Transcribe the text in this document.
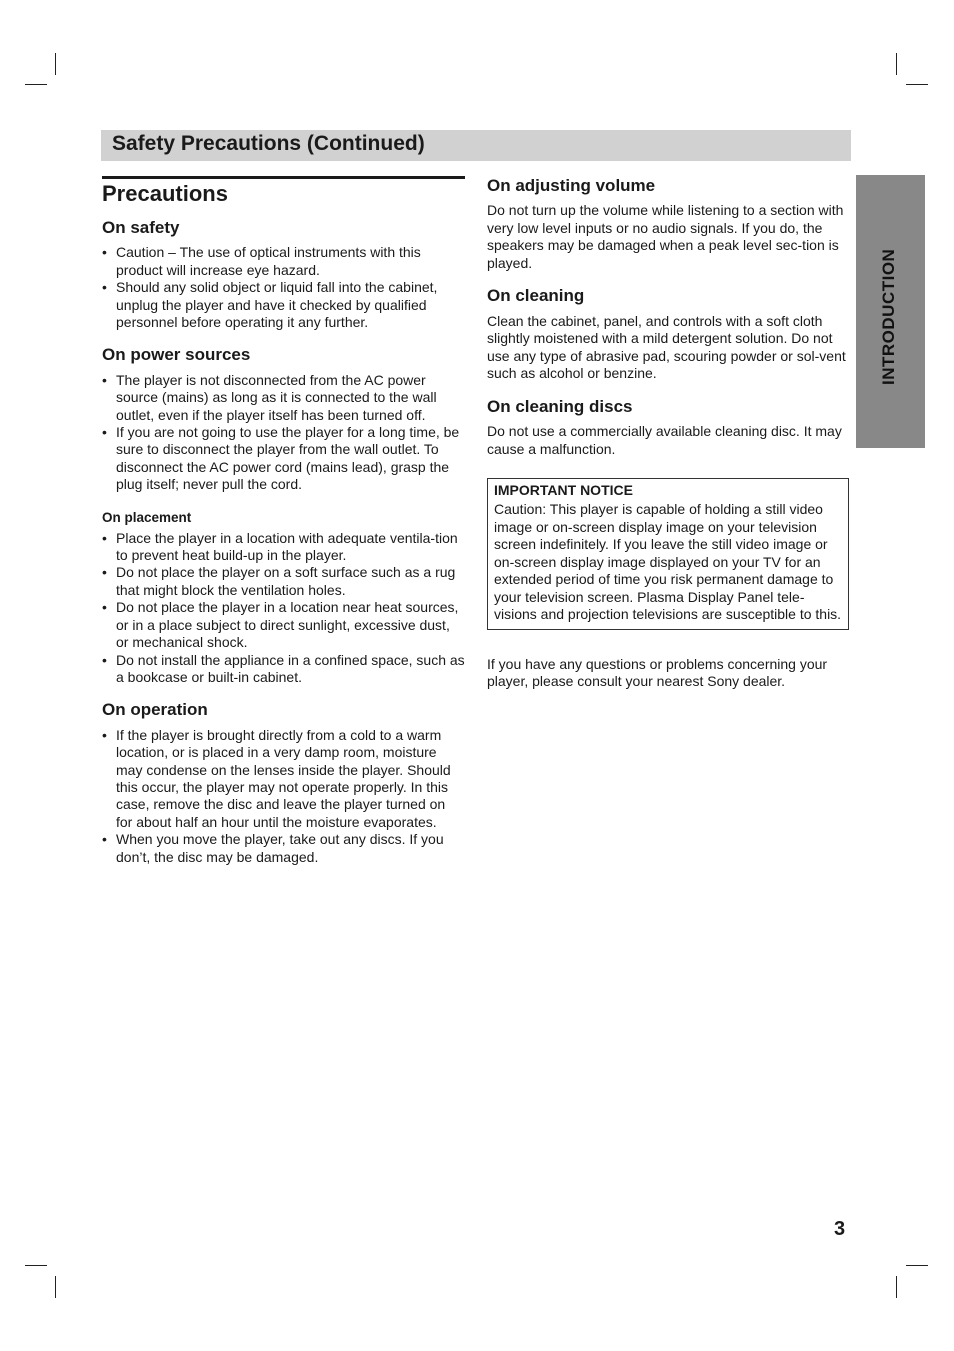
Safety Precautions (Continued)
INTRODUCTION
Precautions
On safety
• Caution – The use of optical instruments with this product will increase eye hazard.
• Should any solid object or liquid fall into the cabinet, unplug the player and have it checked by qualified personnel before operating it any further.
On power sources
• The player is not disconnected from the AC power source (mains) as long as it is connected to the wall outlet, even if the player itself has been turned off.
• If you are not going to use the player for a long time, be sure to disconnect the player from the wall outlet. To disconnect the AC power cord (mains lead), grasp the plug itself; never pull the cord.
On placement
• Place the player in a location with adequate ventila-tion to prevent heat build-up in the player.
• Do not place the player on a soft surface such as a rug that might block the ventilation holes.
• Do not place the player in a location near heat sources, or in a place subject to direct sunlight, excessive dust, or mechanical shock.
• Do not install the appliance in a confined space, such as a bookcase or built-in cabinet.
On operation
• If the player is brought directly from a cold to a warm location, or is placed in a very damp room, moisture may condense on the lenses inside the player. Should this occur, the player may not operate properly. In this case, remove the disc and leave the player turned on for about half an hour until the moisture evaporates.
• When you move the player, take out any discs. If you don’t, the disc may be damaged.
On adjusting volume

Do not turn up the volume while listening to a section with very low level inputs or no audio signals. If you do, the speakers may be damaged when a peak level sec-tion is played.

On cleaning

Clean the cabinet, panel, and controls with a soft cloth slightly moistened with a mild detergent solution. Do not use any type of abrasive pad, scouring powder or sol-vent such as alcohol or benzine.

On cleaning discs

Do not use a commercially available cleaning disc. It may cause a malfunction.

IMPORTANT NOTICE

Caution: This player is capable of holding a still video image or on-screen display image on your television screen indefinitely. If you leave the still video image or on-screen display image displayed on your TV for an extended period of time you risk permanent damage to your television screen. Plasma Display Panel tele-visions and projection televisions are susceptible to this.

If you have any questions or problems concerning your player, please consult your nearest Sony dealer.

3
